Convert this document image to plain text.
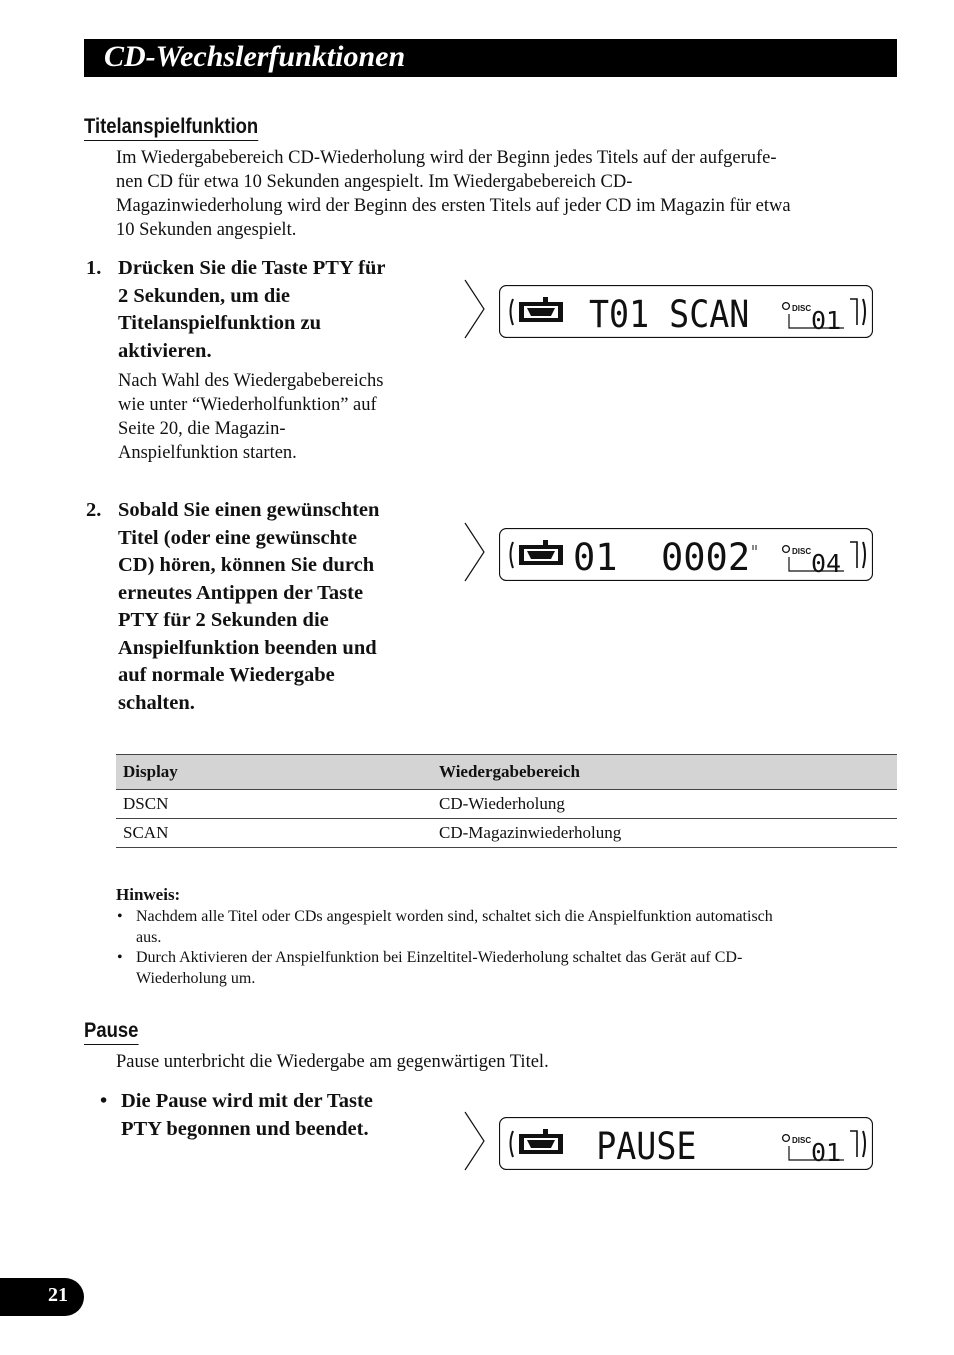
CD-Wechslerfunktionen
Titelanspielfunktion
Im Wiedergabebereich CD-Wiederholung wird der Beginn jedes Titels auf der aufgerufe-
nen CD für etwa 10 Sekunden angespielt. Im Wiedergabebereich CD-
Magazinwiederholung wird der Beginn des ersten Titels auf jeder CD im Magazin für etwa
10 Sekunden angespielt.
1. Drücken Sie die Taste PTY für
2 Sekunden, um die
Titelanspielfunktion zu
aktivieren.
Nach Wahl des Wiedergabebereichs
wie unter “Wiederholfunktion” auf
Seite 20, die Magazin-
Anspielfunktion starten.
T01 SCAN	DISC 01
2. Sobald Sie einen gewünschten
Titel (oder eine gewünschte
CD) hören, können Sie durch
erneutes Antippen der Taste
PTY für 2 Sekunden die
Anspielfunktion beenden und
auf normale Wiedergabe
schalten.
01 0002	DISC 04
Display	Wiedergabebereich
DSCN	CD-Wiederholung
SCAN	CD-Magazinwiederholung
Hinweis:
• Nachdem alle Titel oder CDs angespielt worden sind, schaltet sich die Anspielfunktion automatisch
aus.
• Durch Aktivieren der Anspielfunktion bei Einzeltitel-Wiederholung schaltet das Gerät auf CD-
Wiederholung um.
Pause
Pause unterbricht die Wiedergabe am gegenwärtigen Titel.
• Die Pause wird mit der Taste
PTY begonnen und beendet.	PAUSE	DISC 01
21
